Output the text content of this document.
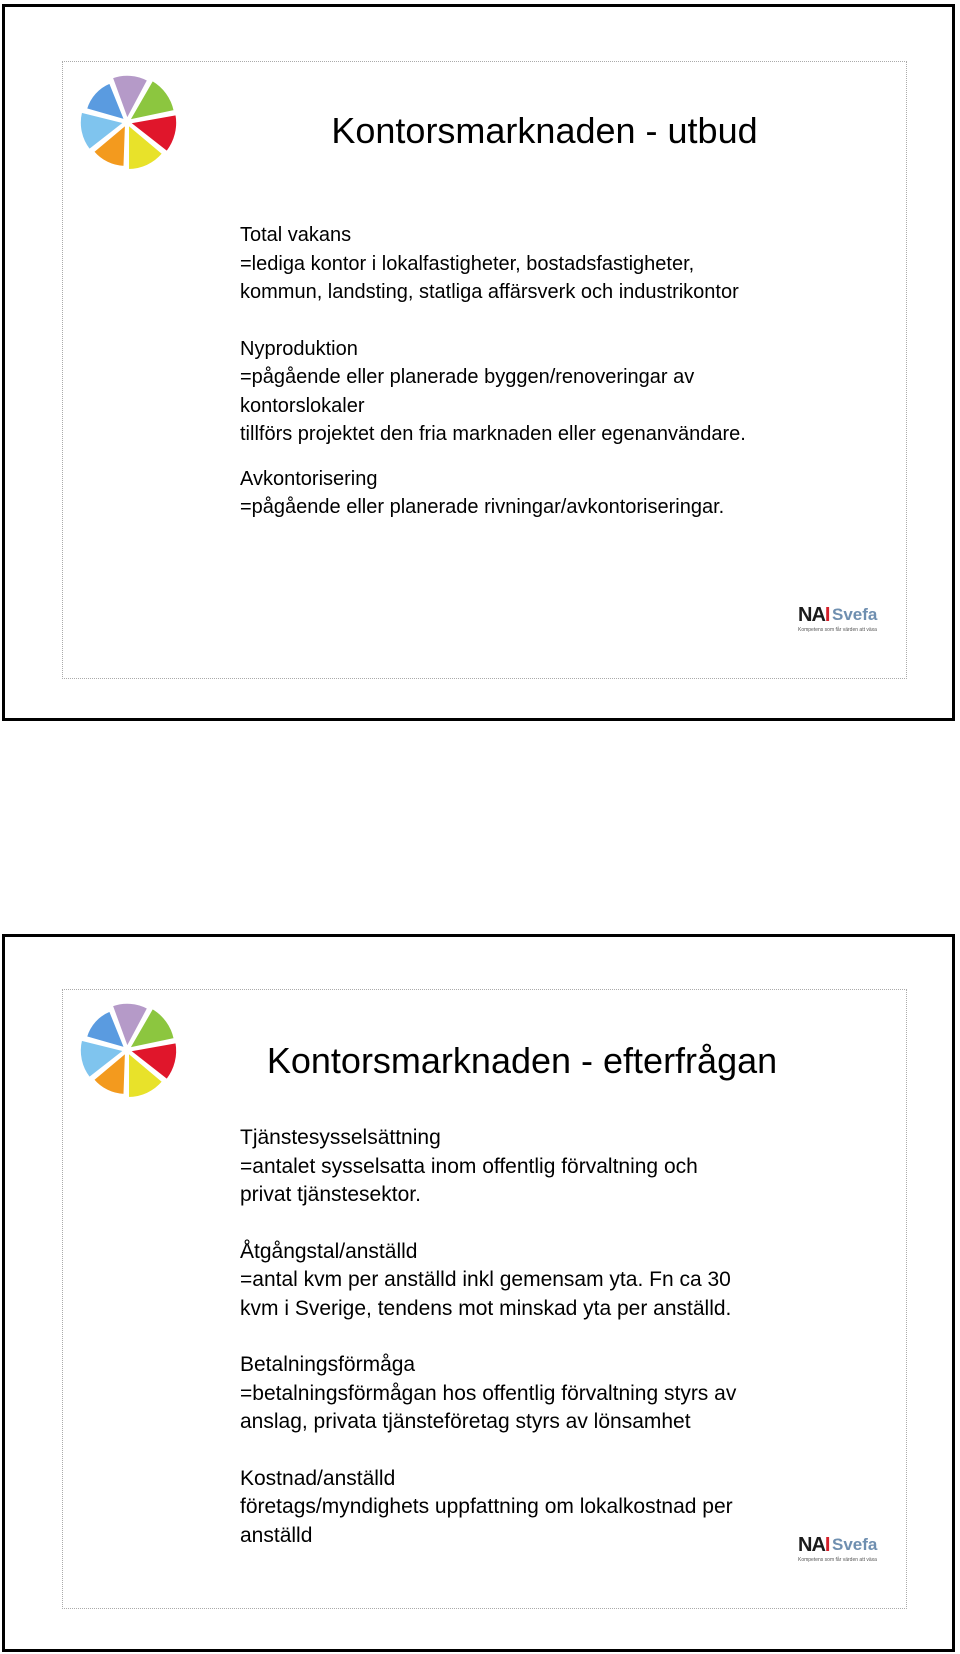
Kontorsmarknaden - utbud

Total vakans
=lediga kontor i lokalfastigheter, bostadsfastigheter,
kommun, landsting, statliga affärsverk och industrikontor

Nyproduktion
=pågående eller planerade byggen/renoveringar av
kontorslokaler
tillförs projektet den fria marknaden eller egenanvändare.

Avkontorisering
=pågående eller planerade rivningar/avkontoriseringar.

NAI Svefa
Kompetens som får värden att växa
Kontorsmarknaden - efterfrågan

Tjänstesysselsättning
=antalet sysselsatta inom offentlig förvaltning och
privat tjänstesektor.

Åtgångstal/anställd
=antal kvm per anställd inkl gemensam yta. Fn ca 30
kvm i Sverige, tendens mot minskad yta per anställd.

Betalningsförmåga
=betalningsförmågan hos offentlig förvaltning styrs av
anslag, privata tjänsteföretag styrs av lönsamhet

Kostnad/anställd
företags/myndighets uppfattning om lokalkostnad per
anställd	NAI Svefa
Kompetens som får värden att växa
